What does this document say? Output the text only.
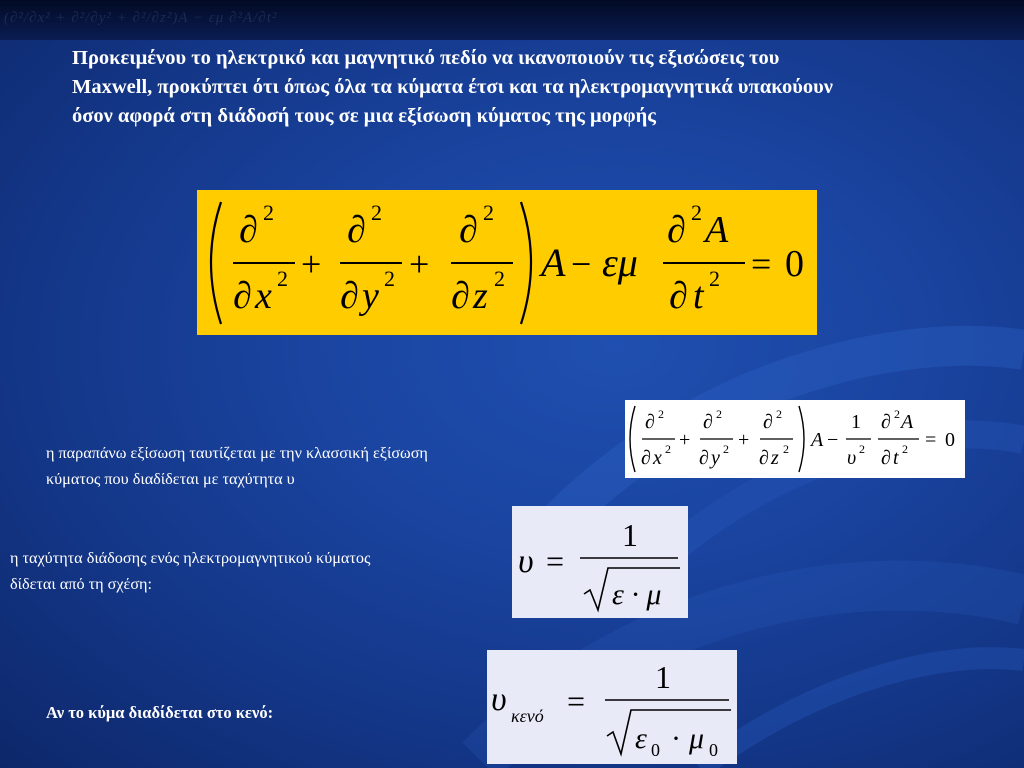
(∂²/∂x² + ∂²/∂y² + ∂²/∂z²)A − εμ ∂²A/∂t²

Προκειμένου το ηλεκτρικό και μαγνητικό πεδίο να ικανοποιούν τις εξισώσεις του
Maxwell, προκύπτει ότι όπως όλα τα κύματα έτσι και τα ηλεκτρομαγνητικά υπακούουν
όσον αφορά στη διάδοσή τους σε μια εξίσωση κύματος της μορφής

∂ 2
∂ x 2 +
∂ 2
∂ y 2 +
∂ 2
∂ z 2 A − εμ
∂ 2 A
∂ t 2 = 0

η παραπάνω εξίσωση ταυτίζεται με την κλασσική εξίσωση
κύματος που διαδίδεται με ταχύτητα υ

∂ 2
∂ x 2 +
∂ 2
∂ y 2 +
∂ 2
∂ z 2 A −
1
υ 2
∂ 2 A
∂ t 2 = 0

η ταχύτητα διάδοσης ενός ηλεκτρομαγνητικού κύματος
δίδεται από τη σχέση:

υ =
1
ε · μ

Αν το κύμα διαδίδεται στο κενό:	υ κενό =
1
ε 0 · μ 0
